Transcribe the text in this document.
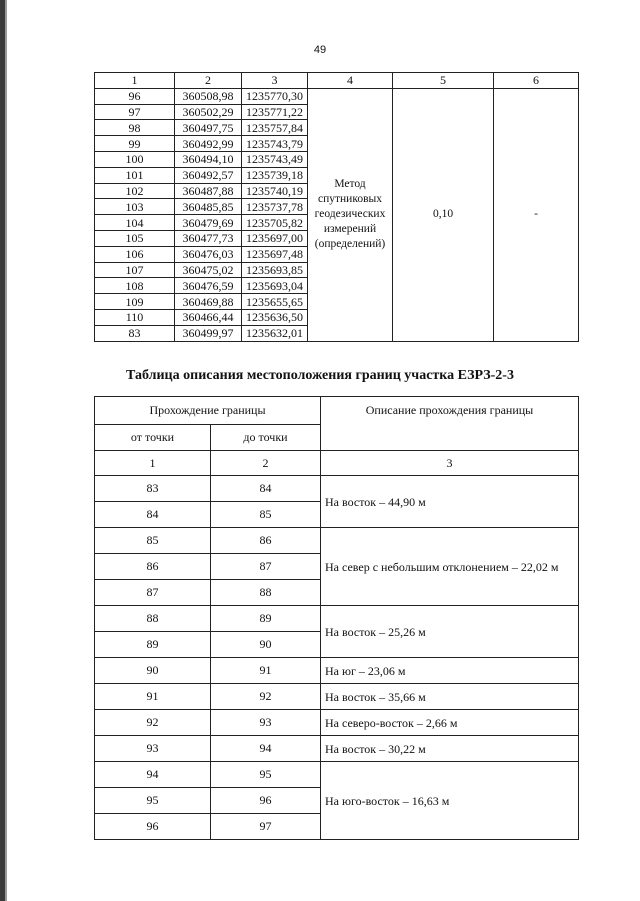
49
1	2	3	4	5	6
96	360508,98	1235770,30	Метод
спутниковых
геодезических
измерений
(определений)	0,10	-
97	360502,29	1235771,22			
98	360497,75	1235757,84			
99	360492,99	1235743,79			
100	360494,10	1235743,49			
101	360492,57	1235739,18			
102	360487,88	1235740,19			
103	360485,85	1235737,78			
104	360479,69	1235705,82			
105	360477,73	1235697,00			
106	360476,03	1235697,48			
107	360475,02	1235693,85			
108	360476,59	1235693,04			
109	360469,88	1235655,65			
110	360466,44	1235636,50			
83	360499,97	1235632,01			
Таблица описания местоположения границ участка ЕЗРЗ-2-3
Прохождение границы		Описание прохождения границы
от точки	до точки	
1	2	3
83	84	На восток – 44,90 м
84	85	
85	86	На север с небольшим отклонением – 22,02 м
86	87	
87	88	
88	89	На восток – 25,26 м
89	90	
90	91	На юг – 23,06 м
91	92	На восток – 35,66 м
92	93	На северо-восток – 2,66 м
93	94	На восток – 30,22 м
94	95	На юго-восток – 16,63 м
95	96	
96	97	
